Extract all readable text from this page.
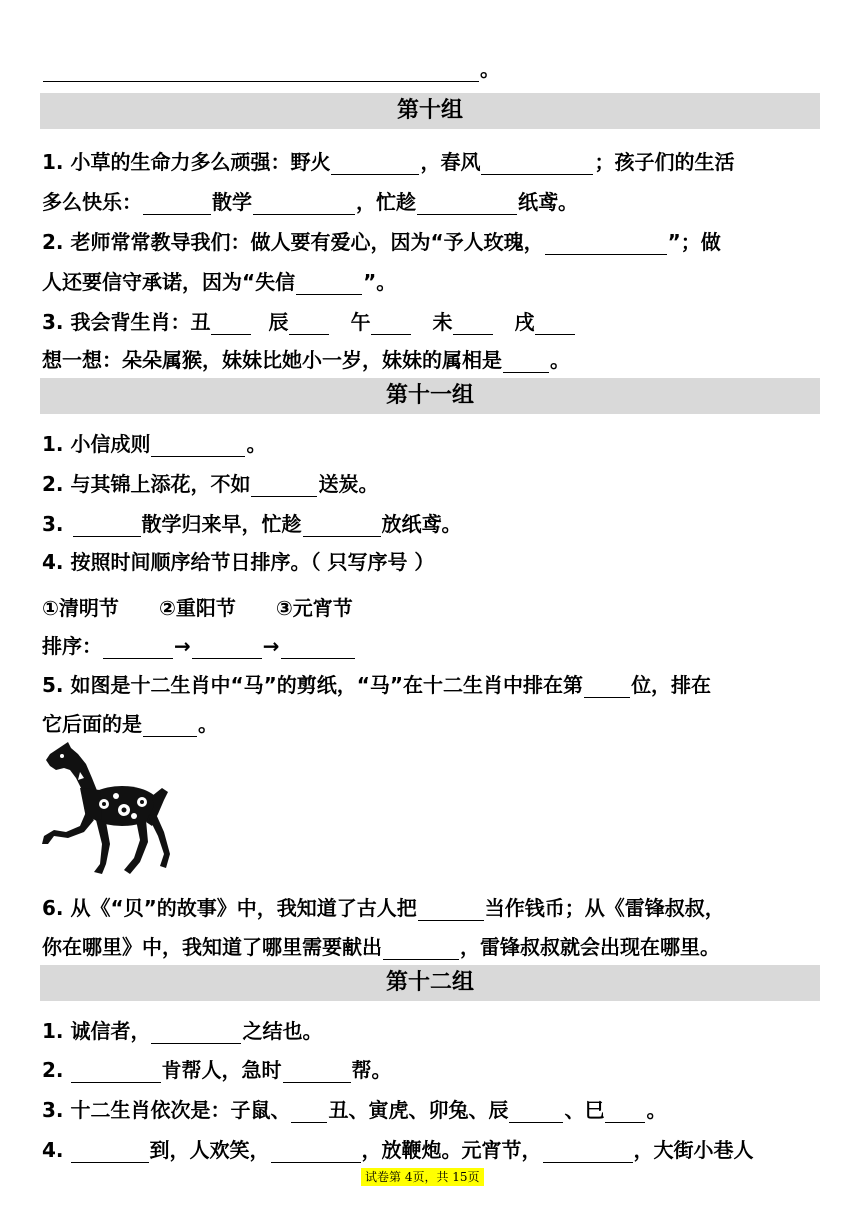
。
第十组
1. 小草的生命力多么顽强：野火	，春风	；孩子们的生活
多么快乐：	散学	，忙趁	纸鸢。
2. 老师常常教导我们：做人要有爱心，因为“予人玫瑰，	”；做
人还要信守承诺，因为“失信	”。
3. 我会背生肖：丑	辰	午	未	戌
想一想：朵朵属猴，妹妹比她小一岁，妹妹的属相是 。
第十一组
1. 小信成则	。
2. 与其锦上添花，不如	送炭。
3.	散学归来早，忙趁	放纸鸢。
4. 按照时间顺序给节日排序。（ 只写序号 ）
①清明节 ②重阳节 ③元宵节
排序：	→	→
5. 如图是十二生肖中“马”的剪纸，“马”在十二生肖中排在第 位，排在
它后面的是	。
6. 从《“贝”的故事》中，我知道了古人把	当作钱币；从《雷锋叔叔，
你在哪里》中，我知道了哪里需要献出	，雷锋叔叔就会出现在哪里。
第十二组
1. 诚信者，	之结也。
2.	肯帮人，急时	帮。
3. 十二生肖依次是：子鼠、 丑、寅虎、卯兔、辰	、巳 。
4.	到，人欢笑，	，放鞭炮。元宵节，	，大街小巷人
试卷第 4页，共 15页
